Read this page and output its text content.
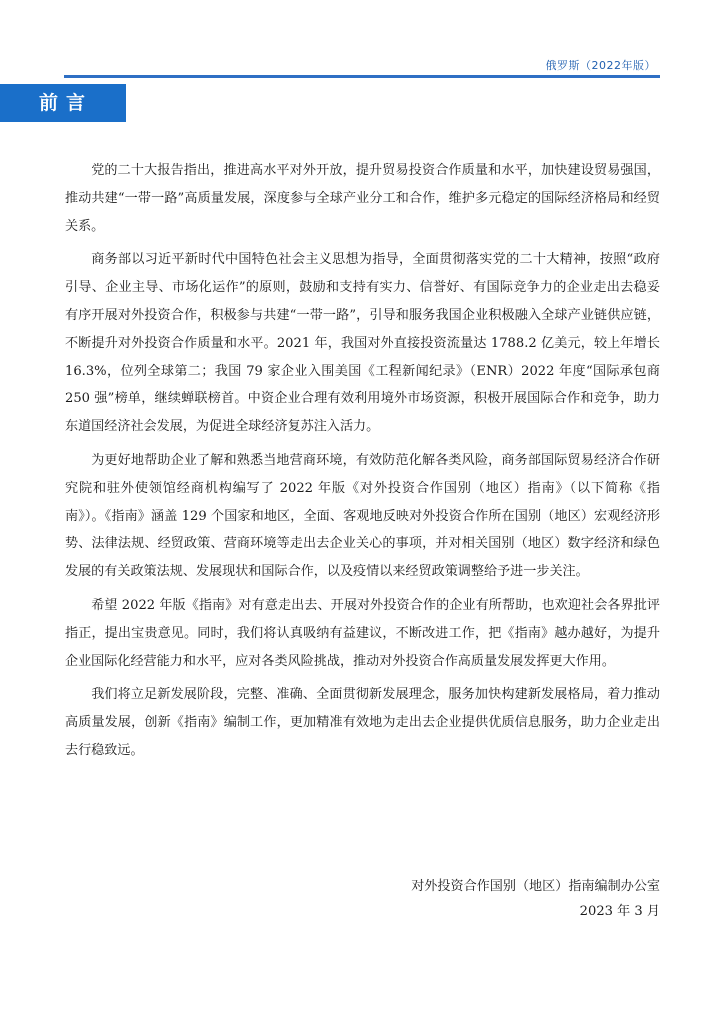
俄罗斯（2022年版）
前言

党的二十大报告指出，推进高水平对外开放，提升贸易投资合作质量和水平，加快建设贸易强国，推动共建“一带一路”高质量发展，深度参与全球产业分工和合作，维护多元稳定的国际经济格局和经贸关系。

商务部以习近平新时代中国特色社会主义思想为指导，全面贯彻落实党的二十大精神，按照“政府引导、企业主导、市场化运作”的原则，鼓励和支持有实力、信誉好、有国际竞争力的企业走出去稳妥有序开展对外投资合作，积极参与共建“一带一路”，引导和服务我国企业积极融入全球产业链供应链，不断提升对外投资合作质量和水平。2021 年，我国对外直接投资流量达 1788.2 亿美元，较上年增长 16.3%，位列全球第二；我国 79 家企业入围美国《工程新闻纪录》（ENR）2022 年度“国际承包商 250 强”榜单，继续蝉联榜首。中资企业合理有效利用境外市场资源，积极开展国际合作和竞争，助力东道国经济社会发展，为促进全球经济复苏注入活力。

为更好地帮助企业了解和熟悉当地营商环境，有效防范化解各类风险，商务部国际贸易经济合作研究院和驻外使领馆经商机构编写了 2022 年版《对外投资合作国别（地区）指南》（以下简称《指南》）。《指南》涵盖 129 个国家和地区，全面、客观地反映对外投资合作所在国别（地区）宏观经济形势、法律法规、经贸政策、营商环境等走出去企业关心的事项，并对相关国别（地区）数字经济和绿色发展的有关政策法规、发展现状和国际合作，以及疫情以来经贸政策调整给予进一步关注。

希望 2022 年版《指南》对有意走出去、开展对外投资合作的企业有所帮助，也欢迎社会各界批评指正，提出宝贵意见。同时，我们将认真吸纳有益建议，不断改进工作，把《指南》越办越好，为提升企业国际化经营能力和水平，应对各类风险挑战，推动对外投资合作高质量发展发挥更大作用。

我们将立足新发展阶段，完整、准确、全面贯彻新发展理念，服务加快构建新发展格局，着力推动高质量发展，创新《指南》编制工作，更加精准有效地为走出去企业提供优质信息服务，助力企业走出去行稳致远。

对外投资合作国别（地区）指南编制办公室
2023 年 3 月
